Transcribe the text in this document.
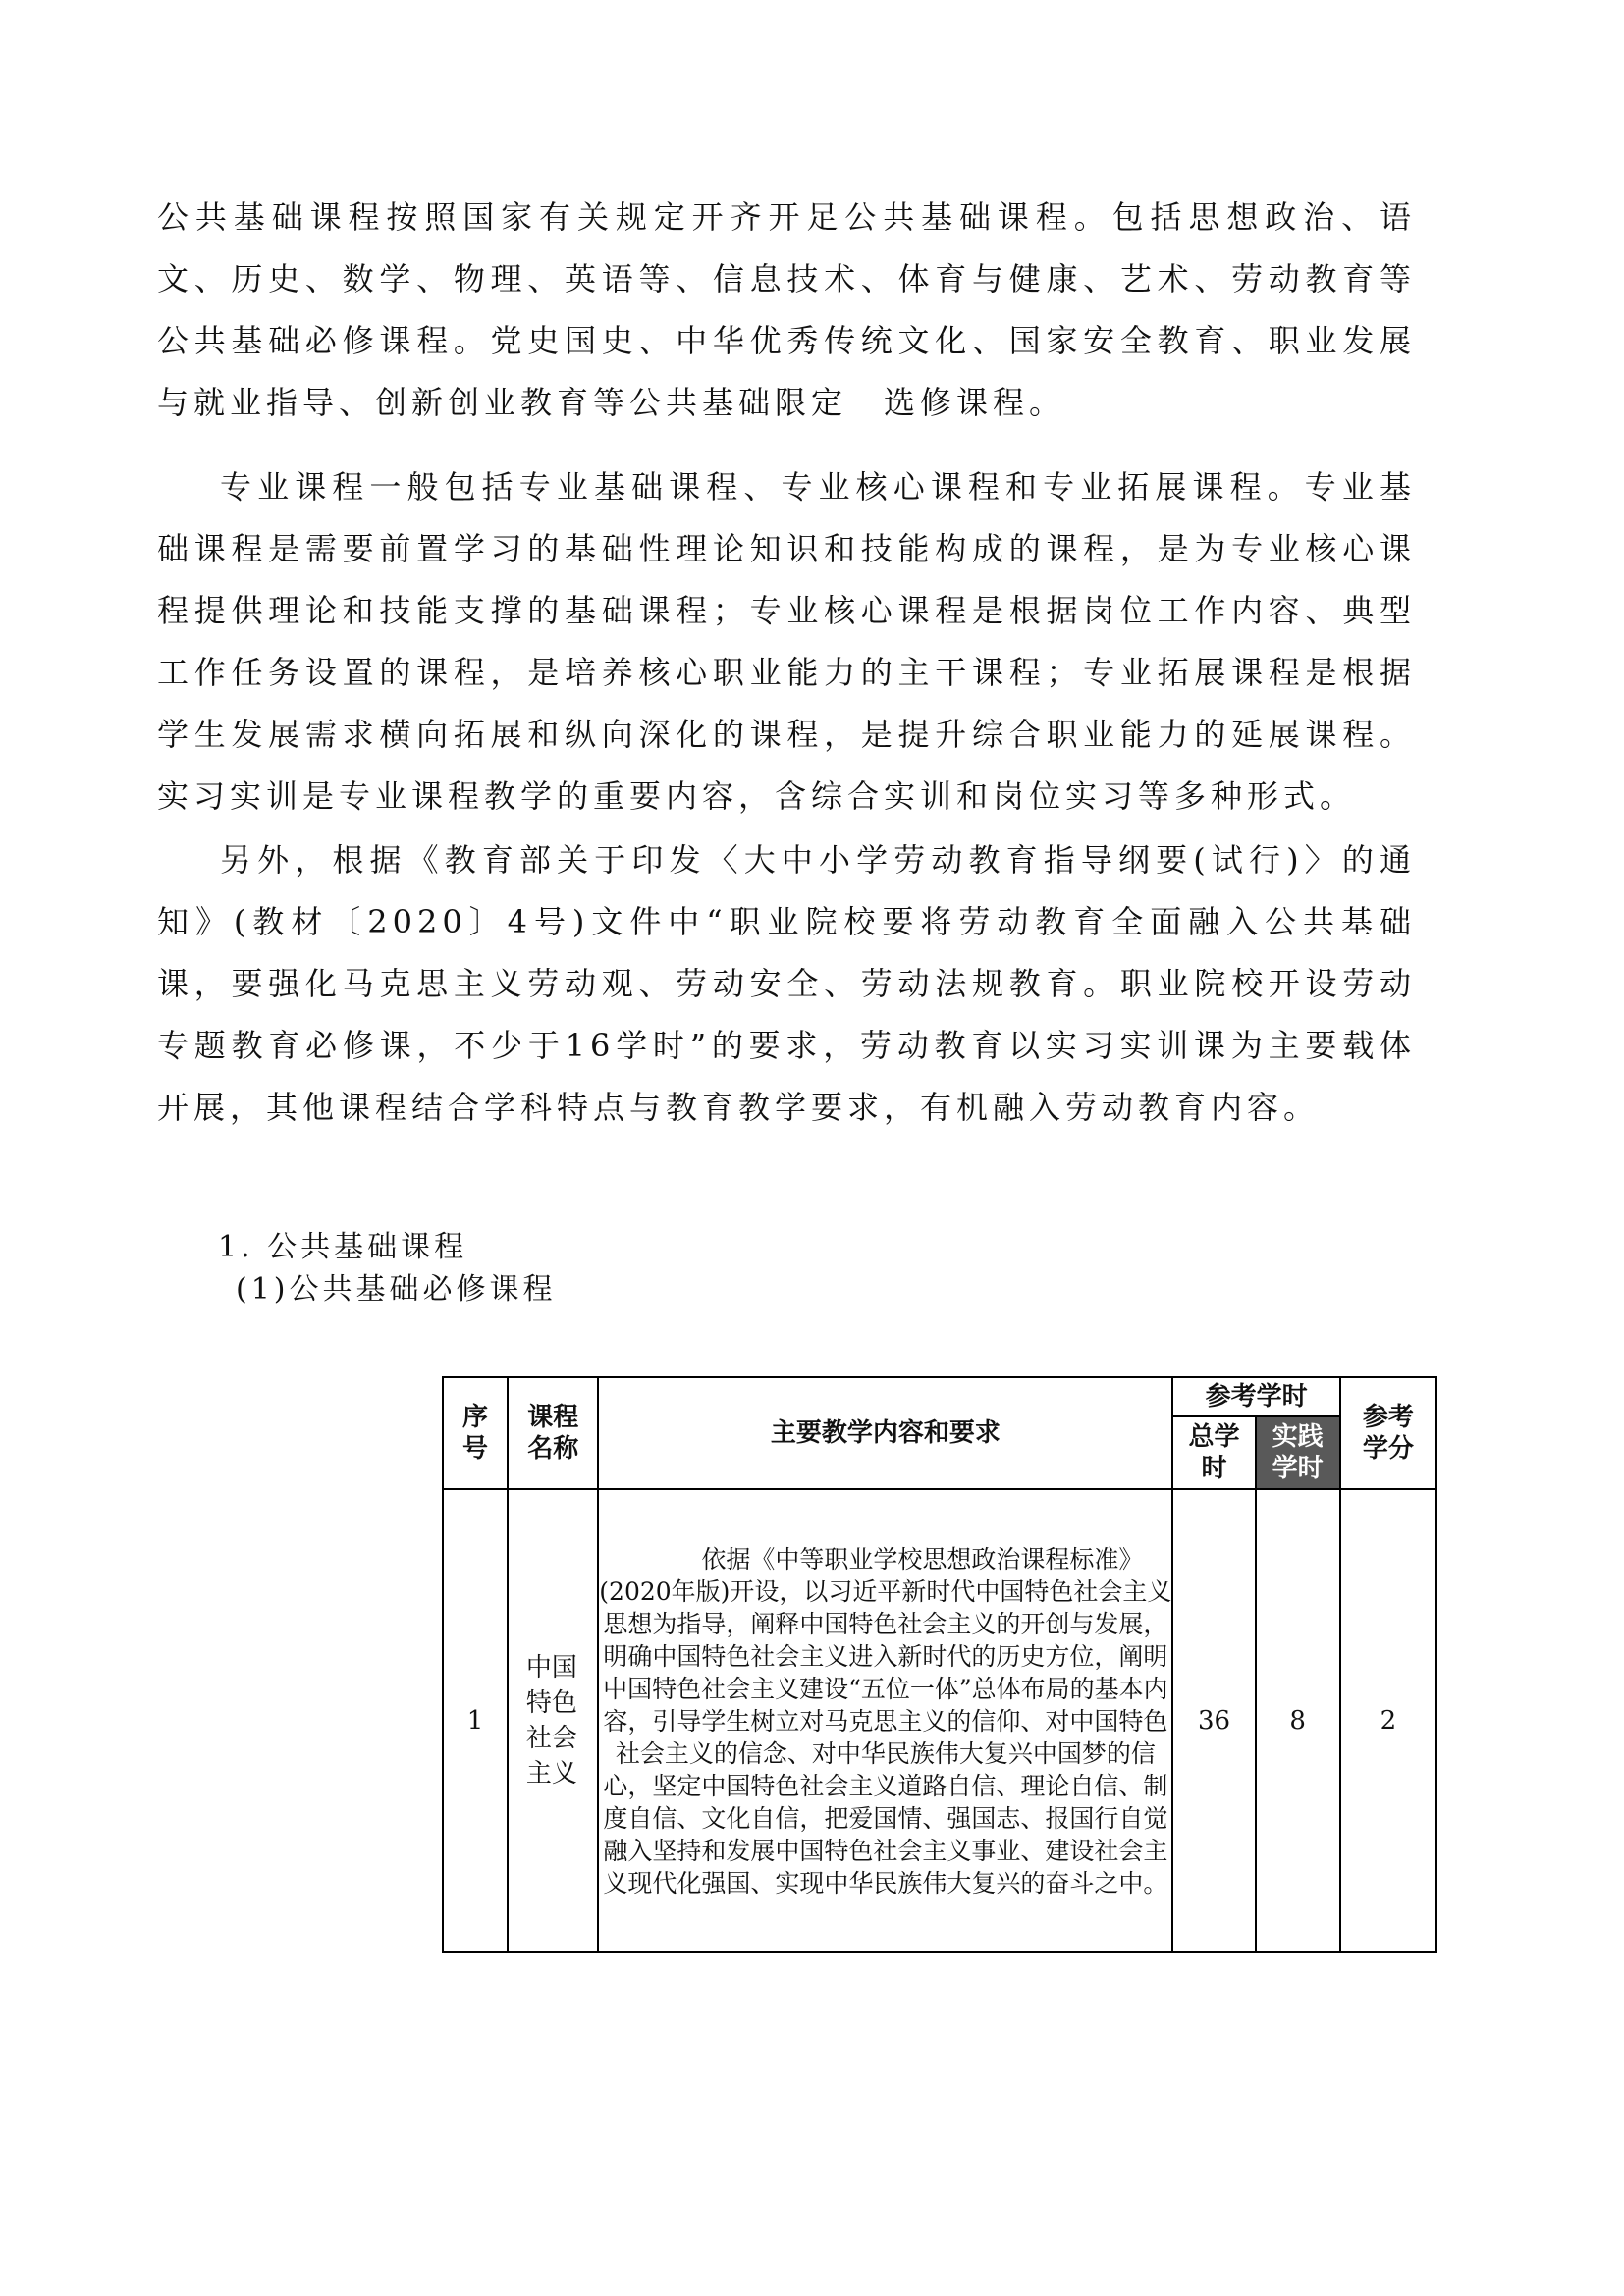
公共基础课程按照国家有关规定开齐开足公共基础课程。包括思想政治、语文、历史、数学、物理、英语等、信息技术、体育与健康、艺术、劳动教育等公共基础必修课程。党史国史、中华优秀传统文化、国家安全教育、职业发展与就业指导、创新创业教育等公共基础限定　选修课程。

专业课程一般包括专业基础课程、专业核心课程和专业拓展课程。专业基础课程是需要前置学习的基础性理论知识和技能构成的课程，是为专业核心课程提供理论和技能支撑的基础课程；专业核心课程是根据岗位工作内容、典型工作任务设置的课程，是培养核心职业能力的主干课程；专业拓展课程是根据学生发展需求横向拓展和纵向深化的课程，是提升综合职业能力的延展课程。实习实训是专业课程教学的重要内容，含综合实训和岗位实习等多种形式。

另外，根据《教育部关于印发〈大中小学劳动教育指导纲要(试行)〉的通知》(教材〔2020〕4号)文件中“职业院校要将劳动教育全面融入公共基础课，要强化马克思主义劳动观、劳动安全、劳动法规教育。职业院校开设劳动专题教育必修课，不少于16学时”的要求，劳动教育以实习实训课为主要载体开展，其他课程结合学科特点与教育教学要求，有机融入劳动教育内容。

1. 公共基础课程

(1)公共基础必修课程

序号	课程名称	主要教学内容和要求	参考学时		参考学分

			总学时	实践学时	

1	中国特色社会主义	　　　依据《中等职业学校思想政治课程标准》(2020年版)开设，以习近平新时代中国特色社会主义思想为指导，阐释中国特色社会主义的开创与发展，明确中国特色社会主义进入新时代的历史方位，阐明中国特色社会主义建设“五位一体”总体布局的基本内容，引导学生树立对马克思主义的信仰、对中国特色社会主义的信念、对中华民族伟大复兴中国梦的信心，坚定中国特色社会主义道路自信、理论自信、制度自信、文化自信，把爱国情、强国志、报国行自觉融入坚持和发展中国特色社会主义事业、建设社会主义现代化强国、实现中华民族伟大复兴的奋斗之中。	36	8	2
